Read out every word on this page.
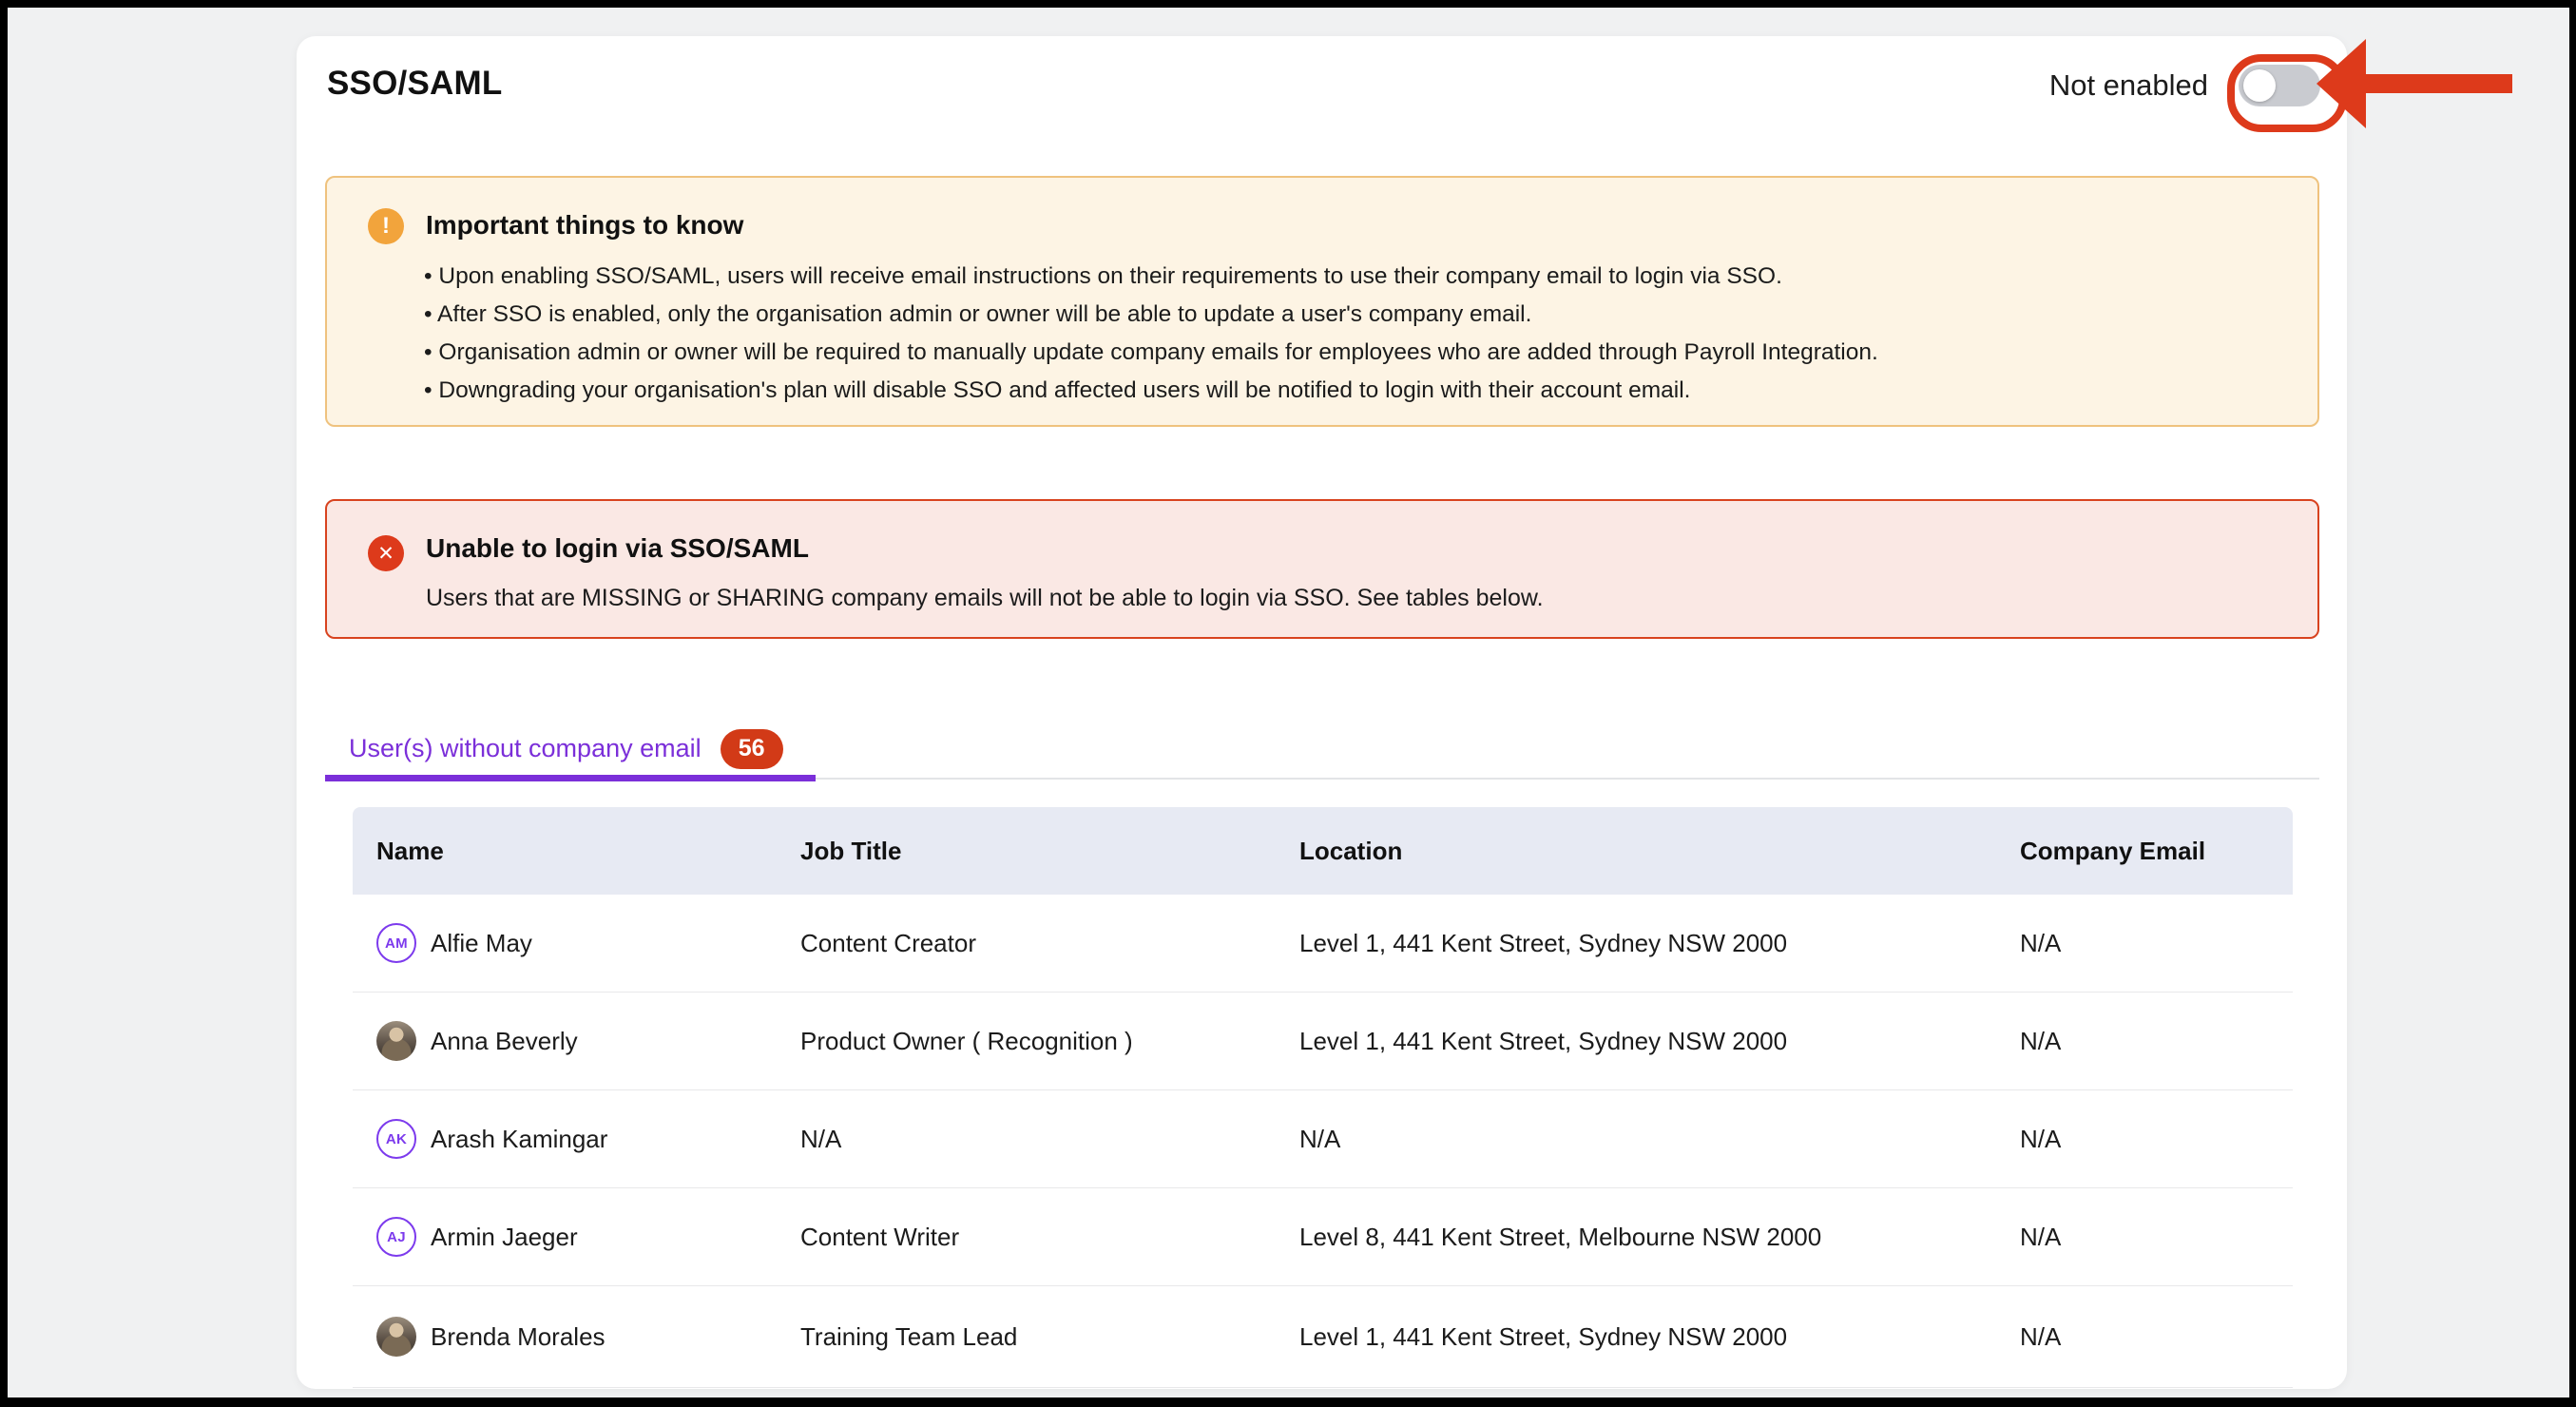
SSO/SAML	Not enabled
!	Important things to know
• Upon enabling SSO/SAML, users will receive email instructions on their requirements to use their company email to login via SSO.
• After SSO is enabled, only the organisation admin or owner will be able to update a user's company email.
• Organisation admin or owner will be required to manually update company emails for employees who are added through Payroll Integration.
• Downgrading your organisation's plan will disable SSO and affected users will be notified to login with their account email.
✕	Unable to login via SSO/SAML
Users that are MISSING or SHARING company emails will not be able to login via SSO. See tables below.
User(s) without company email	56
Name	Job Title	Location	Company Email
AM Alfie May	Content Creator	Level 1, 441 Kent Street, Sydney NSW 2000	N/A
Anna Beverly	Product Owner ( Recognition )	Level 1, 441 Kent Street, Sydney NSW 2000	N/A
AK Arash Kamingar	N/A	N/A	N/A
AJ	Armin Jaeger	Content Writer	Level 8, 441 Kent Street, Melbourne NSW 2000	N/A
Brenda Morales	Training Team Lead	Level 1, 441 Kent Street, Sydney NSW 2000	N/A
